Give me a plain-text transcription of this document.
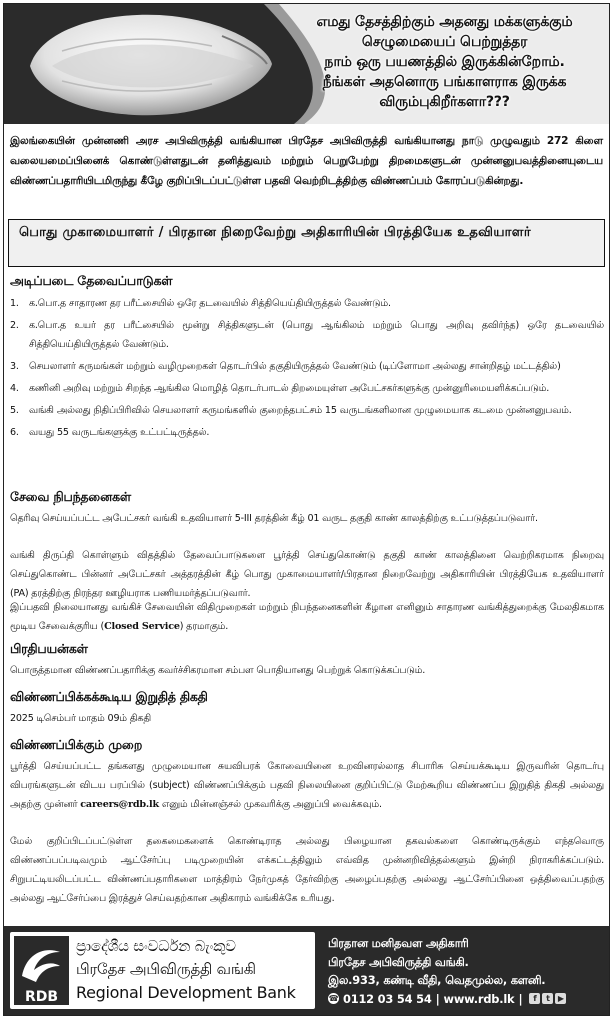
எமது தேசத்திற்கும் அதனது மக்களுக்கும்
செழுமையைப் பெற்றுத்தர
நாம் ஒரு பயணத்தில் இருக்கின்றோம்.
நீங்கள் அதனொரு பங்காளராக இருக்க
விரும்புகிறீர்களா???
இலங்கையின் முன்னணி அரச அபிவிருத்தி வங்கியான பிரதேச அபிவிருத்தி வங்கியானது நாடு முழுவதும் 272 கிளை வலையமைப்பினைக் கொண்டுள்ளதுடன் தனித்துவம் மற்றும் பெறுபேற்று திறமைகளுடன் முன்னனுபவத்தினையுடைய விண்ணப்பதாரியிடமிருந்து கீழே குறிப்பிடப்பட்டுள்ள பதவி வெற்றிடத்திற்கு விண்ணப்பம் கோரப்படுகின்றது.
பொது முகாமையாளர் / பிரதான நிறைவேற்று அதிகாரியின் பிரத்தியேக உதவியாளர்
அடிப்படை தேவைப்பாடுகள்
1.	க.பொ.த சாதாரண தர பரீட்சையில் ஒரே தடவையில் சித்தியெய்தியிருத்தல் வேண்டும்.
2.	க.பொ.த உயர் தர பரீட்சையில் மூன்று சித்திகளுடன் (பொது ஆங்கிலம் மற்றும் பொது அறிவு தவிர்ந்த) ஒரே தடவையில் சித்தியெய்தியிருத்தல் வேண்டும்.
3.	செயலாளர் கருமங்கள் மற்றும் வழிமுறைகள் தொடர்பில் தகுதியிருத்தல் வேண்டும் (டிப்ளோமா அல்லது சான்றிதழ் மட்டத்தில்)
4.	கணினி அறிவு மற்றும் சிறந்த ஆங்கில மொழித் தொடர்பாடல் திறமையுள்ள அபேட்சகர்களுக்கு முன்னுரிமையளிக்கப்படும்.
5.	வங்கி அல்லது நிதிப்பிரிவில் செயலாளர் கருமங்களில் குறைந்தபட்சம் 15 வருடங்களிலான முழுமையாக கடமை முன்னனுபவம்.
6.	வயது 55 வருடங்களுக்கு உட்பட்டிருத்தல்.
சேவை நிபந்தனைகள்
தெரிவு செய்யப்பட்ட அபேட்சகர் வங்கி உதவியாளர் 5-III தரத்தின் கீழ் 01 வருட தகுதி காண் காலத்திற்கு உட்படுத்தப்படுவார்.
வங்கி திருப்தி கொள்ளும் விதத்தில் தேவைப்பாடுகளை பூர்த்தி செய்துகொண்டு தகுதி காண் காலத்தினை வெற்றிகரமாக நிறைவு செய்துகொண்ட பின்னர் அபேட்சகர் அத்தரத்தின் கீழ் பொது முகாமையாளர்/பிரதான நிறைவேற்று அதிகாரியின் பிரத்தியேக உதவியாளர் (PA) தரத்திற்கு நிரந்தர ஊழியராக பணியமர்த்தப்படுவார்.
இப்பதவி நிலையானது வங்கிச் சேவையின் விதிமுறைகள் மற்றும் நிபந்தனைகளின் கீழான எனினும் சாதாரண வங்கித்துறைக்கு மேலதிகமாக மூடிய சேவைக்குரிய (Closed Service) தரமாகும்.
பிரதிபயன்கள்
பொருத்தமான விண்ணப்பதாரிக்கு கவர்ச்சிகரமான சம்பள பொதியானது பெற்றுக் கொடுக்கப்படும்.
விண்ணப்பிக்கக்கூடிய இறுதித் திகதி
2025 டிசெம்பர் மாதம் 09ம் திகதி
விண்ணப்பிக்கும் முறை
பூர்த்தி செய்யப்பட்ட தங்களது முழுமையான சுயவிபரக் கோவையினை உறவினரல்லாத சிபாரிசு செய்யக்கூடிய இருவரின் தொடர்பு விபரங்களுடன் விடய பரப்பில் (subject) விண்ணப்பிக்கும் பதவி நிலையினை குறிப்பிட்டு மேற்கூறிய விண்ணப்ப இறுதித் திகதி அல்லது அதற்கு முன்னர் careers@rdb.lk எனும் மின்னஞ்சல் முகவரிக்கு அனுப்பி வைக்கவும்.
மேல் குறிப்பிடப்பட்டுள்ள தகைமைகளைக் கொண்டிராத அல்லது பிழையான தகவல்களை கொண்டிருக்கும் எந்தவொரு விண்ணப்பப்படிவமும் ஆட்சேர்ப்பு படிமுறையின் எக்கட்டத்திலும் எவ்வித முன்னறிவித்தல்களும் இன்றி நிராகரிக்கப்படும். சிறுபட்டியலிடப்பட்ட விண்ணப்பதாரிகளை மாத்திரம் நேர்முகத் தேர்விற்கு அழைப்பதற்கு அல்லது ஆட்சேர்ப்பினை ஒத்திவைப்பதற்கு அல்லது ஆட்சேர்ப்பை இரத்துச் செய்வதற்கான அதிகாரம் வங்கிக்கே உரியது.
RDB
ප්‍රාදේශීය සංවර්ධන බැංකුව
பிரதேச அபிவிருத்தி வங்கி
Regional Development Bank
பிரதான மனிதவள அதிகாரி
பிரதேச அபிவிருத்தி வங்கி.
இல.933, கண்டி வீதி, வெதமுல்ல, களனி.
☎ 0112 03 54 54 | www.rdb.lk |	f	t	▶
